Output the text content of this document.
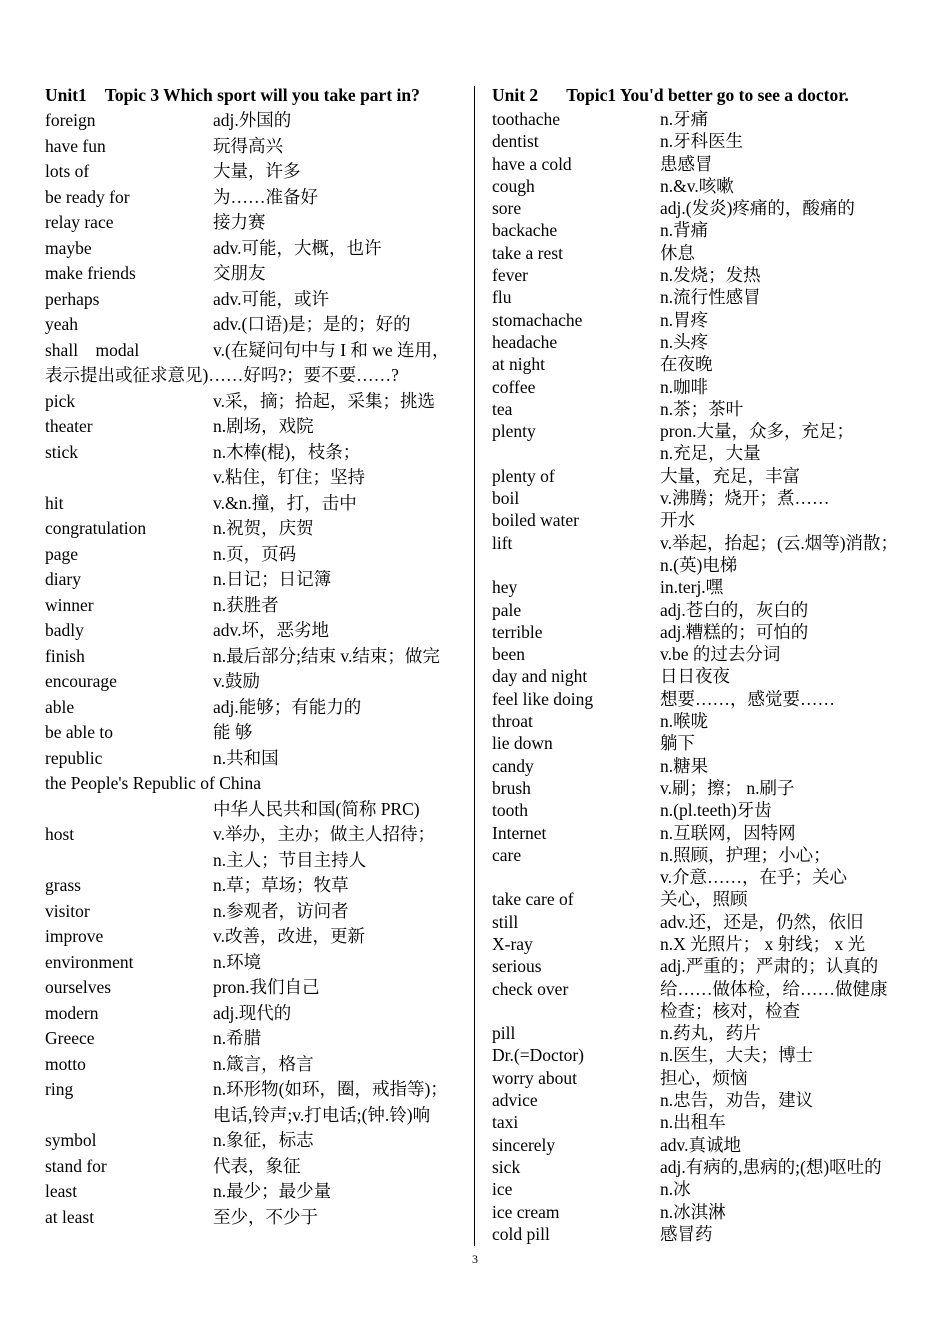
Unit1 Topic 3 Which sport will you take part in?
foreign	adj.外国的
have fun	玩得高兴
lots of	大量，许多
be ready for	为……准备好
relay race	接力赛
maybe	adv.可能，大概，也许
make friends	交朋友
perhaps	adv.可能，或许
yeah	adv.(口语)是；是的；好的
shall　modal	v.(在疑问句中与 I 和 we 连用，
表示提出或征求意见)……好吗?；要不要……?
pick	v.采，摘；拾起，采集；挑选
theater	n.剧场，戏院
stick	n.木棒(棍)，枝条；
v.粘住，钉住；坚持
hit	v.&n.撞，打，击中
congratulation	n.祝贺，庆贺
page	n.页，页码
diary	n.日记；日记簿
winner	n.获胜者
badly	adv.坏，恶劣地
finish	n.最后部分;结束 v.结束；做完
encourage	v.鼓励
able	adj.能够；有能力的
be able to	能 够
republic	n.共和国
the People's Republic of China
中华人民共和国(简称 PRC)
host	v.举办，主办；做主人招待；
n.主人；节目主持人
grass	n.草；草场；牧草
visitor	n.参观者，访问者
improve	v.改善，改进，更新
environment	n.环境
ourselves	pron.我们自己
modern	adj.现代的
Greece	n.希腊
motto	n.箴言，格言
ring	n.环形物(如环，圈，戒指等)；
电话,铃声;v.打电话;(钟.铃)响
symbol	n.象征，标志
stand for	代表，象征
least	n.最少；最少量
at least	至少，不少于
Unit 2 Topic1 You'd better go to see a doctor.
toothache	n.牙痛
dentist	n.牙科医生
have a cold	患感冒
cough	n.&v.咳嗽
sore	adj.(发炎)疼痛的，酸痛的
backache	n.背痛
take a rest	休息
fever	n.发烧；发热
flu	n.流行性感冒
stomachache	n.胃疼
headache	n.头疼
at night	在夜晚
coffee	n.咖啡
tea	n.茶；茶叶
plenty	pron.大量，众多，充足；
n.充足，大量
plenty of	大量，充足，丰富
boil	v.沸腾；烧开；煮……
boiled water	开水
lift	v.举起，抬起；(云.烟等)消散；
n.(英)电梯
hey	in.terj.嘿
pale	adj.苍白的，灰白的
terrible	adj.糟糕的；可怕的
been	v.be 的过去分词
day and night	日日夜夜
feel like doing	想要……，感觉要……
throat	n.喉咙
lie down	躺下
candy	n.糖果
brush	v.刷；擦； n.刷子
tooth	n.(pl.teeth)牙齿
Internet	n.互联网，因特网
care	n.照顾，护理；小心；
v.介意……，在乎；关心
take care of	关心，照顾
still	adv.还，还是，仍然，依旧
X-ray	n.X 光照片； x 射线； x 光
serious	adj.严重的；严肃的；认真的
check over	给……做体检，给……做健康
检查；核对，检查
pill	n.药丸，药片
Dr.(=Doctor)	n.医生，大夫；博士
worry about	担心，烦恼
advice	n.忠告，劝告，建议
taxi	n.出租车
sincerely	adv.真诚地
sick	adj.有病的,患病的;(想)呕吐的
ice	n.冰
ice cream	n.冰淇淋
cold pill	感冒药
3
